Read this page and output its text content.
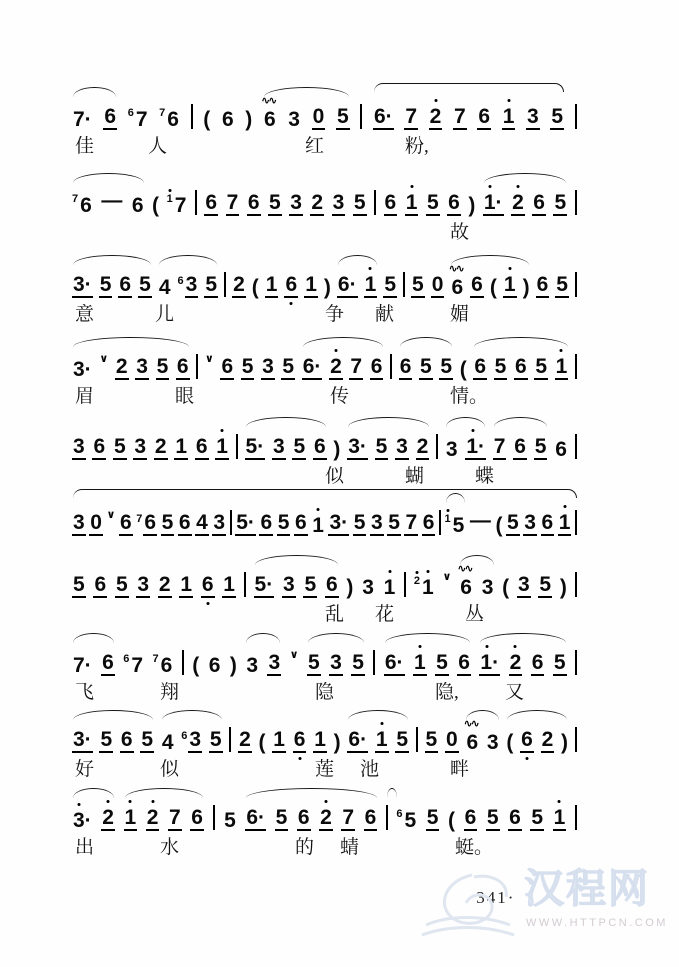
7· 6 6 7 7 6 ( 6 )
∿∿
6 3 0 5 6· 7 2 7 6 1 3 5
佳	人	红	粉,
7 6 — 6 ( 1 7 6 7 6 5 3 2 3 5 6 1 5 6 ) 1· 2 6 5
故
3· 5 6 5 4 6 3 5 2 ( 1 6 1 ) 6· 1 5 5 0
∿∿
6 6 ( 1 ) 6 5
意	儿	争 献	媚
3· ∨ 2 3 5 6 ∨ 6 5 3 5 6· 2 7 6 6 5 5 ( 6 5 6 5 1
眉	眼	传	情。
3 6 5 3 2 1 6 1 5· 3 5 6 ) 3· 5 3 2 3 1· 7 6 5 6
似	蝴	蝶
3 0 ∨ 6 7 6 5 6 4 3 5· 6 5 6 1 3· 5 3 5 7 6 1 5 — ( 5 3 6 1
5 6 5 3 2 1 6 1 5· 3 5 6 ) 3 1 2 1 ∨
∿∿
6 3 ( 3 5 )
乱 花	丛
7· 6 6 7 7 6 ( 6 ) 3 3 ∨ 5 3 5 6· 1 5 6 1· 2 6 5
飞	翔	隐	隐, 又
3· 5 6 5 4 6 3 5 2 ( 1 6 1 ) 6· 1 5 5 0
∿∿
6 3 ( 6 2 )
好	似	莲 池	畔
3· 2 1 2 7 6 5 6· 5 6 2 7 6 6 5 5 ( 6 5 6 5 1
出	水	的 蜻	蜓。
·341· 汉程网
WWW.HTTPCN.COM
